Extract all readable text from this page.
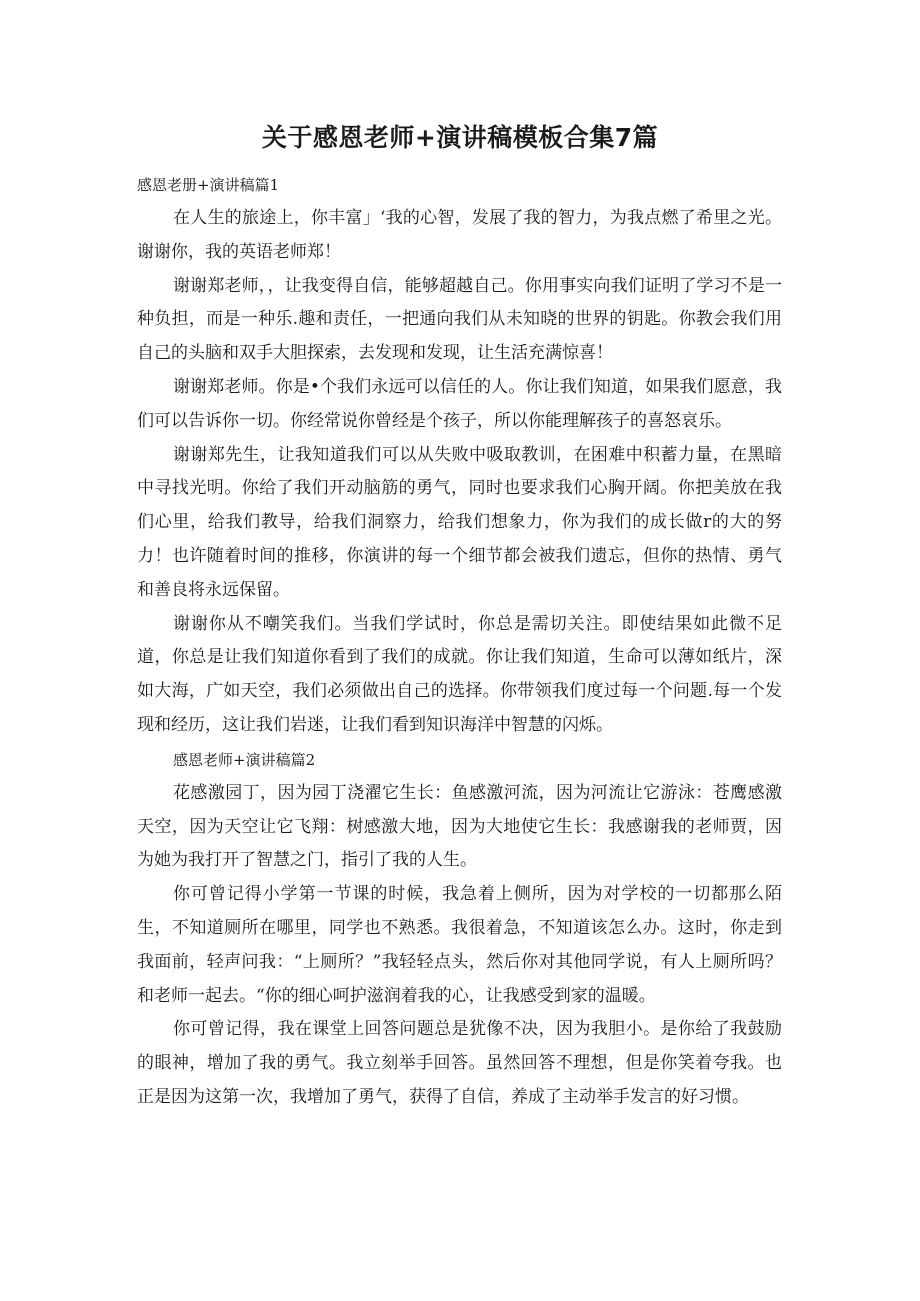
关于感恩老师+演讲稿模板合集7篇

感恩老册+演讲稿篇1

在人生的旅途上，你丰富」‘我的心智，发展了我的智力，为我点燃了希里之光。谢谢你，我的英语老师郑！

谢谢郑老师，，让我变得自信，能够超越自己。你用事实向我们证明了学习不是一种负担，而是一种乐.趣和责任，一把通向我们从未知晓的世界的钥匙。你教会我们用自己的头脑和双手大胆探索，去发现和发现，让生活充满惊喜！

谢谢郑老师。你是•个我们永远可以信任的人。你让我们知道，如果我们愿意，我们可以告诉你一切。你经常说你曾经是个孩子，所以你能理解孩子的喜怒哀乐。

谢谢郑先生，让我知道我们可以从失败中吸取教训，在困难中积蓄力量，在黑暗中寻找光明。你给了我们开动脑筋的勇气，同时也要求我们心胸开阔。你把美放在我们心里，给我们教导，给我们洞察力，给我们想象力，你为我们的成长做r的大的努力！也许随着时间的推移，你演讲的每一个细节都会被我们遗忘，但你的热情、勇气和善良将永远保留。

谢谢你从不嘲笑我们。当我们学试时，你总是需切关注。即使结果如此微不足道，你总是让我们知道你看到了我们的成就。你让我们知道，生命可以薄如纸片，深如大海，广如天空，我们必须做出自己的选择。你带领我们度过每一个问题.每一个发现和经历，这让我们岩迷，让我们看到知识海洋中智慧的闪烁。

感恩老师+演讲稿篇2

花感激园丁，因为园丁浇濯它生长：鱼感激河流，因为河流让它游泳：苍鹰感激天空，因为天空让它飞翔：树感激大地，因为大地使它生长：我感谢我的老师贾，因为她为我打开了智慧之门，指引了我的人生。

你可曾记得小学第一节课的时候，我急着上侧所，因为对学校的一切都那么陌生，不知道厕所在哪里，同学也不熟悉。我很着急，不知道该怎么办。这时，你走到我面前，轻声问我：“上厕所？”我轻轻点头，然后你对其他同学说，有人上厕所吗？和老师一起去。“你的细心呵护滋润着我的心，让我感受到家的温暖。

你可曾记得，我在课堂上回答问题总是犹像不决，因为我胆小。是你给了我鼓励的眼神，增加了我的勇气。我立刻举手回答。虽然回答不理想，但是你笑着夸我。也正是因为这第一次，我增加了勇气，获得了自信，养成了主动举手发言的好习惯。
